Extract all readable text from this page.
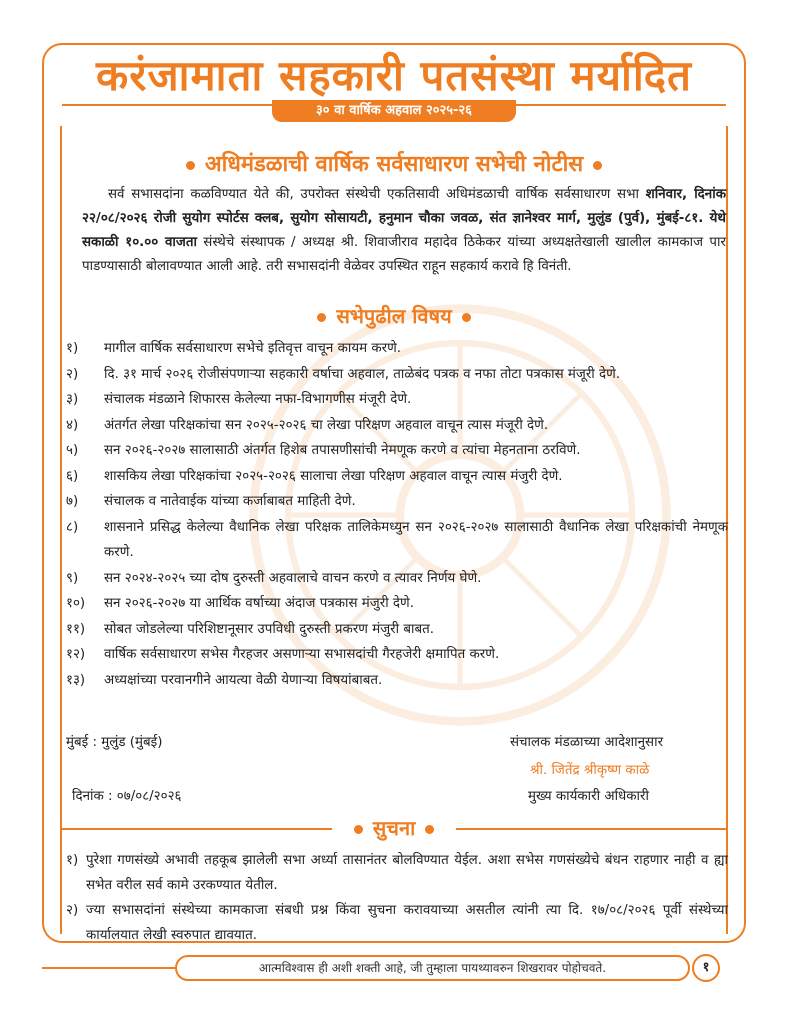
करंजामाता सहकारी पतसंस्था मर्यादित
३० वा वार्षिक अहवाल २०२५-२६
अधिमंडळाची वार्षिक सर्वसाधारण सभेची नोटीस
सर्व सभासदांना कळविण्यात येते की, उपरोक्त संस्थेची एकतिसावी अधिमंडळाची वार्षिक सर्वसाधारण सभा शनिवार, दिनांक २२/०८/२०२६ रोजी सुयोग स्पोर्टस क्लब, सुयोग सोसायटी, हनुमान चौका जवळ, संत ज्ञानेश्वर मार्ग, मुलुंड (पुर्व), मुंबई-८१. येथे सकाळी १०.०० वाजता संस्थेचे संस्थापक / अध्यक्ष श्री. शिवाजीराव महादेव ठिकेकर यांच्या अध्यक्षतेखाली खालील कामकाज पार पाडण्यासाठी बोलावण्यात आली आहे. तरी सभासदांनी वेळेवर उपस्थित राहून सहकार्य करावे हि विनंती.
सभेपुढील विषय
१)	मागील वार्षिक सर्वसाधारण सभेचे इतिवृत्त वाचून कायम करणे.
२)	दि. ३१ मार्च २०२६ रोजीसंपणाऱ्या सहकारी वर्षाचा अहवाल, ताळेबंद पत्रक व नफा तोटा पत्रकास मंजूरी देणे.
३)	संचालक मंडळाने शिफारस केलेल्या नफा-विभागणीस मंजूरी देणे.
४)	अंतर्गत लेखा परिक्षकांचा सन २०२५-२०२६ चा लेखा परिक्षण अहवाल वाचून त्यास मंजूरी देणे.
५)	सन २०२६-२०२७ सालासाठी अंतर्गत हिशेब तपासणीसांची नेमणूक करणे व त्यांचा मेहनताना ठरविणे.
६)	शासकिय लेखा परिक्षकांचा २०२५-२०२६ सालाचा लेखा परिक्षण अहवाल वाचून त्यास मंजुरी देणे.
७)	संचालक व नातेवाईक यांच्या कर्जाबाबत माहिती देणे.
८)	शासनाने प्रसिद्ध केलेल्या वैधानिक लेखा परिक्षक तालिकेमध्युन सन २०२६-२०२७ सालासाठी वैधानिक लेखा परिक्षकांची नेमणूक करणे.
९)	सन २०२४-२०२५ च्या दोष दुरुस्ती अहवालाचे वाचन करणे व त्यावर निर्णय घेणे.
१०)	सन २०२६-२०२७ या आर्थिक वर्षाच्या अंदाज पत्रकास मंजुरी देणे.
११)	सोबत जोडलेल्या परिशिष्टानूसार उपविधी दुरुस्ती प्रकरण मंजुरी बाबत.
१२)	वार्षिक सर्वसाधारण सभेस गैरहजर असणाऱ्या सभासदांची गैरहजेरी क्षमापित करणे.
१३)	अध्यक्षांच्या परवानगीने आयत्या वेळी येणाऱ्या विषयांबाबत.
मुंबई : मुलुंड (मुंबई)	संचालक मंडळाच्या आदेशानुसार
श्री. जितेंद्र श्रीकृष्ण काळे
दिनांक : ०७/०८/२०२६	मुख्य कार्यकारी अधिकारी
सुचना
१) पुरेशा गणसंख्ये अभावी तहकूब झालेली सभा अर्ध्या तासानंतर बोलविण्यात येईल. अशा सभेस गणसंख्येचे बंधन राहणार नाही व ह्या सभेत वरील सर्व कामे उरकण्यात येतील.
२) ज्या सभासदांनां संस्थेच्या कामकाजा संबधी प्रश्न किंवा सुचना करावयाच्या असतील त्यांनी त्या दि. १७/०८/२०२६ पूर्वी संस्थेच्या कार्यालयात लेखी स्वरुपात द्यावयात.
आत्मविश्वास ही अशी शक्ती आहे, जी तुम्हाला पायथ्यावरुन शिखरावर पोहोचवते.	१
